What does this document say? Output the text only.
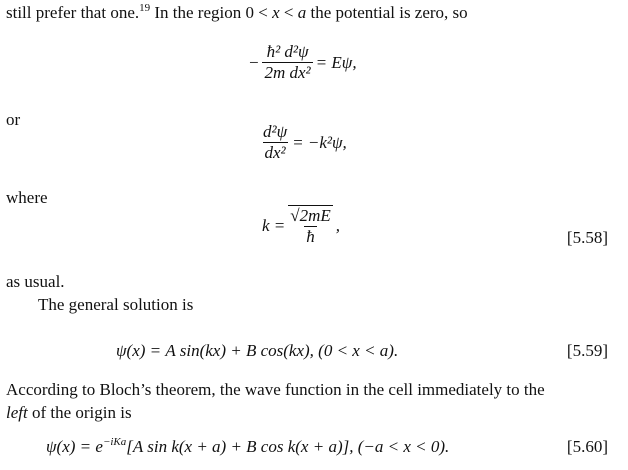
still prefer that one.$^{19}$ In the region 0 < x < a the potential is zero, so
− $\frac{\text{ħ² d²ψ}}{\text{2m dx²}} = E\psi$,
or
$\frac{\text{d²ψ}}{\text{dx²}} = -k^2\psi$,
where
$k = \frac{√2mE}{ħ}$ ,
[5.58]
as usual.
The general solution is
ψ(x) = A sin(kx) + B cos(kx), (0 < x < a).	[5.59]
According to Bloch’s theorem, the wave function in the cell immediately to the
left of the origin is
$\psi(x) = e^{-iKa}[A$ sin k(x + a) + B cos k(x + a)], (−a < x < 0).	[5.60]
